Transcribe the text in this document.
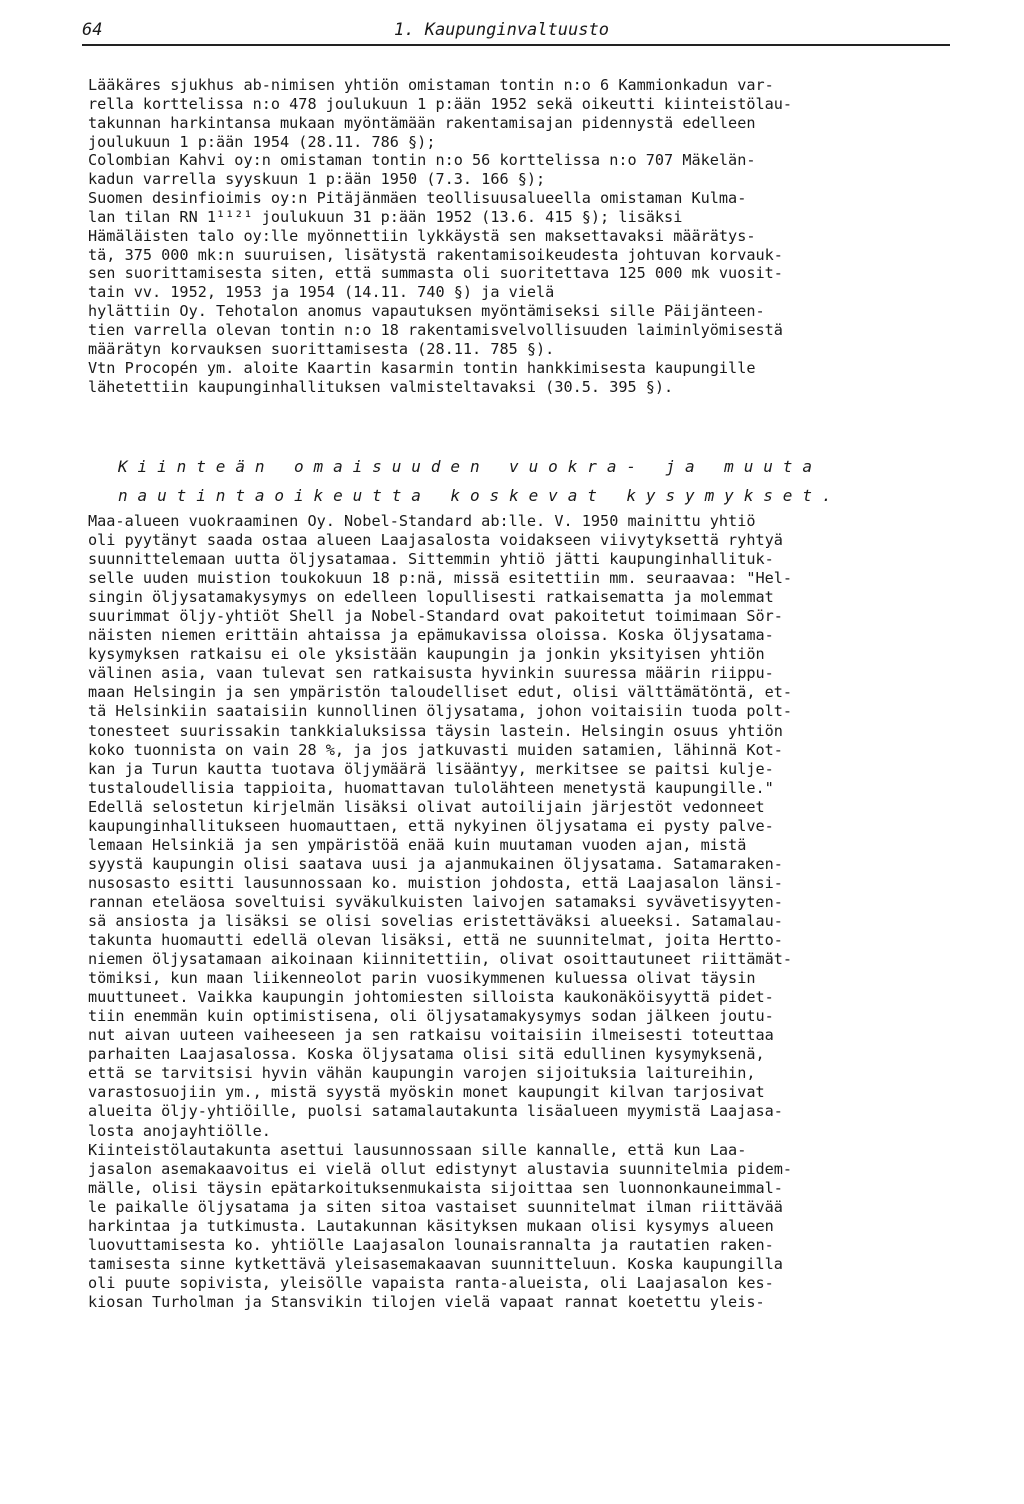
64	1. Kaupunginvaltuusto
Lääkäres sjukhus ab-nimisen yhtiön omistaman tontin n:o 6 Kammionkadun var-
rella korttelissa n:o 478 joulukuun 1 p:ään 1952 sekä oikeutti kiinteistölau-
takunnan harkintansa mukaan myöntämään rakentamisajan pidennystä edelleen
joulukuun 1 p:ään 1954 (28.11. 786 §);
Colombian Kahvi oy:n omistaman tontin n:o 56 korttelissa n:o 707 Mäkelän-
kadun varrella syyskuun 1 p:ään 1950 (7.3. 166 §);
Suomen desinfioimis oy:n Pitäjänmäen teollisuusalueella omistaman Kulma-
lan tilan RN 1¹¹²¹ joulukuun 31 p:ään 1952 (13.6. 415 §); lisäksi
Hämäläisten talo oy:lle myönnettiin lykkäystä sen maksettavaksi määrätys-
tä, 375 000 mk:n suuruisen, lisätystä rakentamisoikeudesta johtuvan korvauk-
sen suorittamisesta siten, että summasta oli suoritettava 125 000 mk vuosit-
tain vv. 1952, 1953 ja 1954 (14.11. 740 §) ja vielä
hylättiin Oy. Tehotalon anomus vapautuksen myöntämiseksi sille Päijänteen-
tien varrella olevan tontin n:o 18 rakentamisvelvollisuuden laiminlyömisestä
määrätyn korvauksen suorittamisesta (28.11. 785 §).
Vtn Procopén ym. aloite Kaartin kasarmin tontin hankkimisesta kaupungille
lähetettiin kaupunginhallituksen valmisteltavaksi (30.5. 395 §).
Kiinteän omaisuuden vuokra- ja muuta
nautintaoikeutta koskevat kysymykset.
Maa-alueen vuokraaminen Oy. Nobel-Standard ab:lle. V. 1950 mainittu yhtiö
oli pyytänyt saada ostaa alueen Laajasalosta voidakseen viivytyksettä ryhtyä
suunnittelemaan uutta öljysatamaa. Sittemmin yhtiö jätti kaupunginhallituk-
selle uuden muistion toukokuun 18 p:nä, missä esitettiin mm. seuraavaa: "Hel-
singin öljysatamakysymys on edelleen lopullisesti ratkaisematta ja molemmat
suurimmat öljy-yhtiöt Shell ja Nobel-Standard ovat pakoitetut toimimaan Sör-
näisten niemen erittäin ahtaissa ja epämukavissa oloissa. Koska öljysatama-
kysymyksen ratkaisu ei ole yksistään kaupungin ja jonkin yksityisen yhtiön
välinen asia, vaan tulevat sen ratkaisusta hyvinkin suuressa määrin riippu-
maan Helsingin ja sen ympäristön taloudelliset edut, olisi välttämätöntä, et-
tä Helsinkiin saataisiin kunnollinen öljysatama, johon voitaisiin tuoda polt-
tonesteet suurissakin tankkialuksissa täysin lastein. Helsingin osuus yhtiön
koko tuonnista on vain 28 %, ja jos jatkuvasti muiden satamien, lähinnä Kot-
kan ja Turun kautta tuotava öljymäärä lisääntyy, merkitsee se paitsi kulje-
tustaloudellisia tappioita, huomattavan tulolähteen menetystä kaupungille."
Edellä selostetun kirjelmän lisäksi olivat autoilijain järjestöt vedonneet
kaupunginhallitukseen huomauttaen, että nykyinen öljysatama ei pysty palve-
lemaan Helsinkiä ja sen ympäristöä enää kuin muutaman vuoden ajan, mistä
syystä kaupungin olisi saatava uusi ja ajanmukainen öljysatama. Satamaraken-
nusosasto esitti lausunnossaan ko. muistion johdosta, että Laajasalon länsi-
rannan eteläosa soveltuisi syväkulkuisten laivojen satamaksi syvävetisyyten-
sä ansiosta ja lisäksi se olisi sovelias eristettäväksi alueeksi. Satamalau-
takunta huomautti edellä olevan lisäksi, että ne suunnitelmat, joita Hertto-
niemen öljysatamaan aikoinaan kiinnitettiin, olivat osoittautuneet riittämät-
tömiksi, kun maan liikenneolot parin vuosikymmenen kuluessa olivat täysin
muuttuneet. Vaikka kaupungin johtomiesten silloista kaukonäköisyyttä pidet-
tiin enemmän kuin optimistisena, oli öljysatamakysymys sodan jälkeen joutu-
nut aivan uuteen vaiheeseen ja sen ratkaisu voitaisiin ilmeisesti toteuttaa
parhaiten Laajasalossa. Koska öljysatama olisi sitä edullinen kysymyksenä,
että se tarvitsisi hyvin vähän kaupungin varojen sijoituksia laitureihin,
varastosuojiin ym., mistä syystä myöskin monet kaupungit kilvan tarjosivat
alueita öljy-yhtiöille, puolsi satamalautakunta lisäalueen myymistä Laajasa-
losta anojayhtiölle.
Kiinteistölautakunta asettui lausunnossaan sille kannalle, että kun Laa-
jasalon asemakaavoitus ei vielä ollut edistynyt alustavia suunnitelmia pidem-
mälle, olisi täysin epätarkoituksenmukaista sijoittaa sen luonnonkauneimmal-
le paikalle öljysatama ja siten sitoa vastaiset suunnitelmat ilman riittävää
harkintaa ja tutkimusta. Lautakunnan käsityksen mukaan olisi kysymys alueen
luovuttamisesta ko. yhtiölle Laajasalon lounaisrannalta ja rautatien raken-
tamisesta sinne kytkettävä yleisasemakaavan suunnitteluun. Koska kaupungilla
oli puute sopivista, yleisölle vapaista ranta-alueista, oli Laajasalon kes-
kiosan Turholman ja Stansvikin tilojen vielä vapaat rannat koetettu yleis-
